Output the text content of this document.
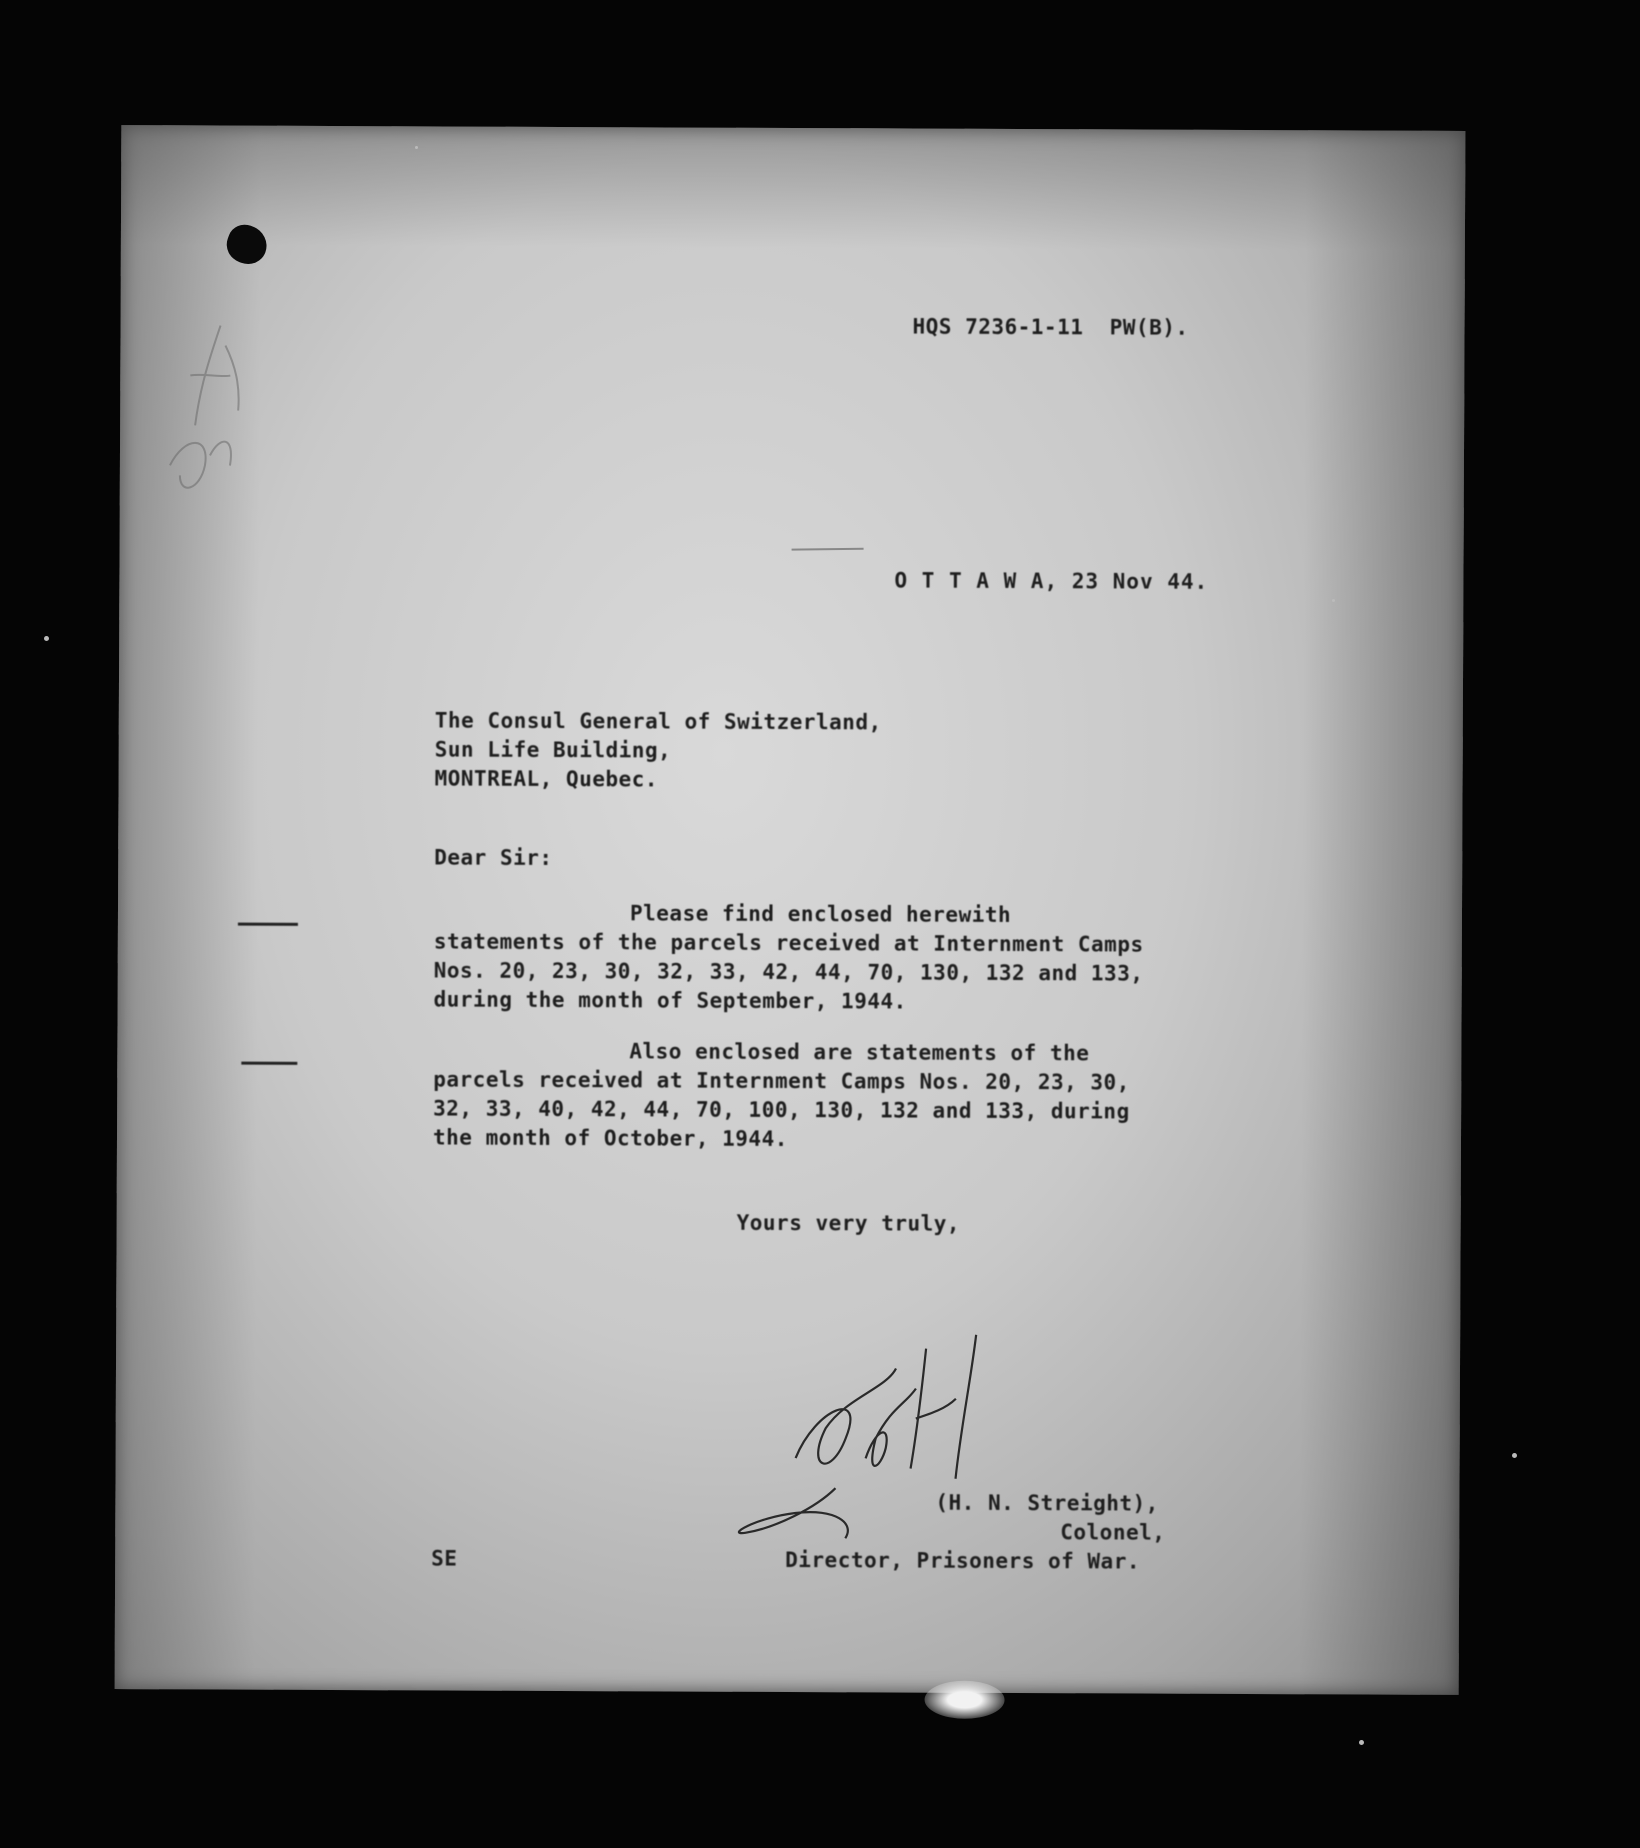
HQS 7236-1-11  PW(B).

O T T A W A, 23 Nov 44.

The Consul General of Switzerland,

Sun Life Building,

MONTREAL, Quebec.

Dear Sir:

Please find enclosed herewith statements of the parcels received at Internment Camps Nos. 20, 23, 30, 32, 33, 42, 44, 70, 130, 132 and 133, during the month of September, 1944.

Also enclosed are statements of the parcels received at Internment Camps Nos. 20, 23, 30, 32, 33, 40, 42, 44, 70, 100, 130, 132 and 133, during the month of October, 1944.

Yours very truly,

(H. N. Streight),

Colonel,

Director, Prisoners of War.

SE
